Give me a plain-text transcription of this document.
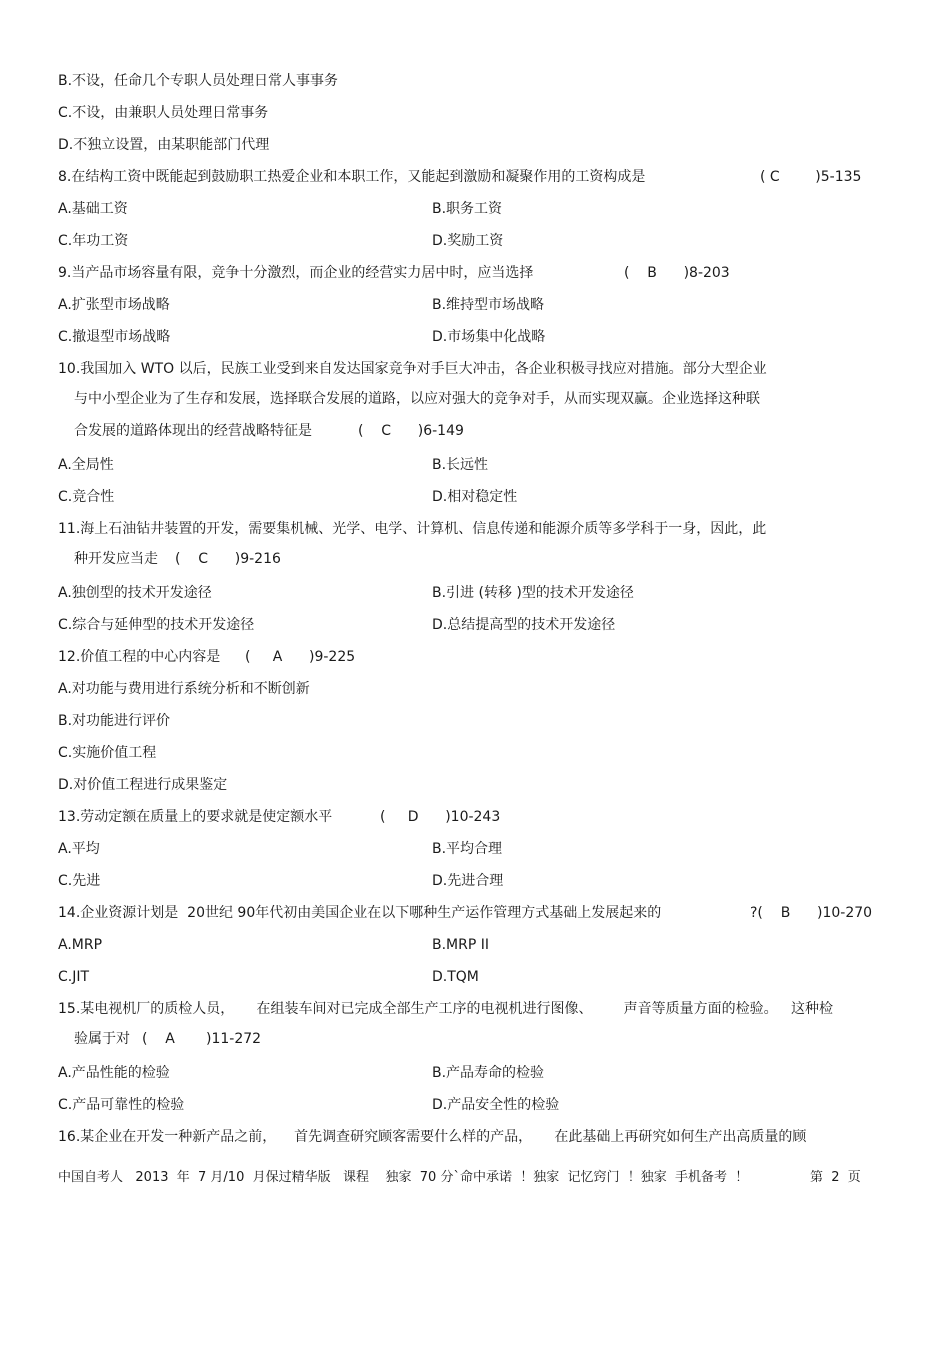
B.不设，任命几个专职人员处理日常人事事务
C.不设，由兼职人员处理日常事务
D.不独立设置，由某职能部门代理
8.在结构工资中既能起到鼓励职工热爱企业和本职工作，又能起到激励和凝聚作用的工资构成是	( C        )5-135
A.基础工资	B.职务工资
C.年功工资	D.奖励工资
9.当产品市场容量有限，竞争十分激烈，而企业的经营实力居中时，应当选择	(    B      )8-203
A.扩张型市场战略	B.维持型市场战略
C.撤退型市场战略	D.市场集中化战略
10.我国加入 WTO 以后，民族工业受到来自发达国家竞争对手巨大冲击，各企业积极寻找应对措施。部分大型企业
与中小型企业为了生存和发展，选择联合发展的道路，以应对强大的竞争对手，从而实现双赢。企业选择这种联
合发展的道路体现出的经营战略特征是	(    C      )6-149
A.全局性	B.长远性
C.竞合性	D.相对稳定性
11.海上石油钻井装置的开发，需要集机械、光学、电学、计算机、信息传递和能源介质等多学科于一身，因此，此
种开发应当走 (    C      )9-216
A.独创型的技术开发途径	B.引进 (转移 )型的技术开发途径
C.综合与延伸型的技术开发途径	D.总结提高型的技术开发途径
12.价值工程的中心内容是 (     A      )9-225
A.对功能与费用进行系统分析和不断创新
B.对功能进行评价
C.实施价值工程
D.对价值工程进行成果鉴定
13.劳动定额在质量上的要求就是使定额水平	(     D      )10-243
A.平均	B.平均合理
C.先进	D.先进合理
14.企业资源计划是  20世纪 90年代初由美国企业在以下哪种生产运作管理方式基础上发展起来的	?(    B      )10-270
A.MRP	B.MRP II
C.JIT	D.TQM
15.某电视机厂的质检人员，     在组装车间对已完成全部生产工序的电视机进行图像、       声音等质量方面的检验。   这种检
验属于对 (    A       )11-272
A.产品性能的检验	B.产品寿命的检验
C.产品可靠性的检验	D.产品安全性的检验
16.某企业在开发一种新产品之前，    首先调查研究顾客需要什么样的产品，     在此基础上再研究如何生产出高质量的顾
中国自考人   2013  年  7 月/10  月保过精华版   课程    独家  70 分`命中承诺  ！独家  记忆窍门  ！独家  手机备考  ！	第  2  页
